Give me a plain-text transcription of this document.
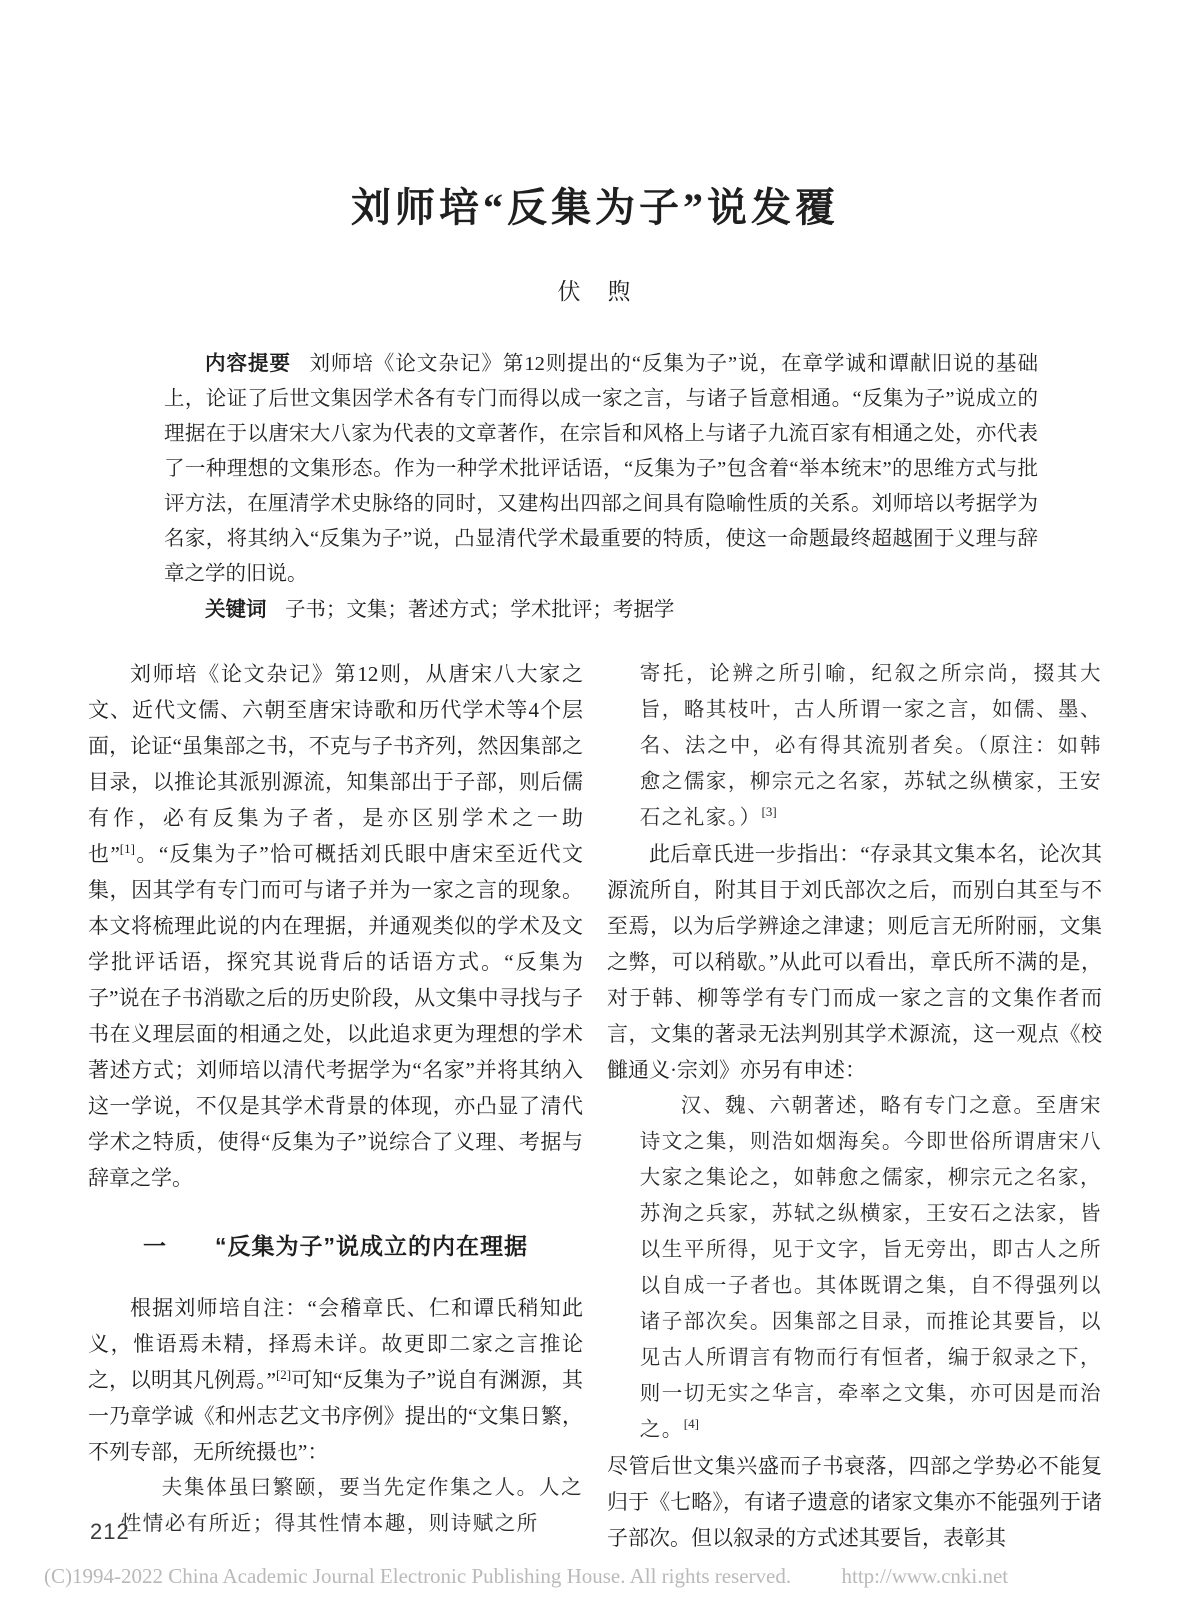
刘师培“反集为子”说发覆
伏　煦

内容提要 刘师培《论文杂记》第12则提出的“反集为子”说，在章学诚和谭献旧说的基础上，论证了后世文集因学术各有专门而得以成一家之言，与诸子旨意相通。“反集为子”说成立的理据在于以唐宋大八家为代表的文章著作，在宗旨和风格上与诸子九流百家有相通之处，亦代表了一种理想的文集形态。作为一种学术批评话语，“反集为子”包含着“举本统末”的思维方式与批评方法，在厘清学术史脉络的同时，又建构出四部之间具有隐喻性质的关系。刘师培以考据学为名家，将其纳入“反集为子”说，凸显清代学术最重要的特质，使这一命题最终超越囿于义理与辞章之学的旧说。

关键词 子书；文集；著述方式；学术批评；考据学

刘师培《论文杂记》第12则，从唐宋八大家之文、近代文儒、六朝至唐宋诗歌和历代学术等4个层面，论证“虽集部之书，不克与子书齐列，然因集部之目录，以推论其派别源流，知集部出于子部，则后儒有作，必有反集为子者，是亦区别学术之一助也”[1]。“反集为子”恰可概括刘氏眼中唐宋至近代文集，因其学有专门而可与诸子并为一家之言的现象。本文将梳理此说的内在理据，并通观类似的学术及文学批评话语，探究其说背后的话语方式。“反集为子”说在子书消歇之后的历史阶段，从文集中寻找与子书在义理层面的相通之处，以此追求更为理想的学术著述方式；刘师培以清代考据学为“名家”并将其纳入这一学说，不仅是其学术背景的体现，亦凸显了清代学术之特质，使得“反集为子”说综合了义理、考据与辞章之学。

一　　“反集为子”说成立的内在理据

根据刘师培自注：“会稽章氏、仁和谭氏稍知此义，惟语焉未精，择焉未详。故更即二家之言推论之，以明其凡例焉。”[2]可知“反集为子”说自有渊源，其一乃章学诚《和州志艺文书序例》提出的“文集日繁，不列专部，无所统摄也”：

夫集体虽曰繁颐，要当先定作集之人。人之性情必有所近；得其性情本趣，则诗赋之所

寄托，论辨之所引喻，纪叙之所宗尚，掇其大旨，略其枝叶，古人所谓一家之言，如儒、墨、名、法之中，必有得其流别者矣。（原注：如韩愈之儒家，柳宗元之名家，苏轼之纵横家，王安石之礼家。）[3]

此后章氏进一步指出：“存录其文集本名，论次其源流所自，附其目于刘氏部次之后，而别白其至与不至焉，以为后学辨途之津逮；则卮言无所附丽，文集之弊，可以稍歇。”从此可以看出，章氏所不满的是，对于韩、柳等学有专门而成一家之言的文集作者而言，文集的著录无法判别其学术源流，这一观点《校雠通义·宗刘》亦另有申述：

汉、魏、六朝著述，略有专门之意。至唐宋诗文之集，则浩如烟海矣。今即世俗所谓唐宋八大家之集论之，如韩愈之儒家，柳宗元之名家，苏洵之兵家，苏轼之纵横家，王安石之法家，皆以生平所得，见于文字，旨无旁出，即古人之所以自成一子者也。其体既谓之集，自不得强列以诸子部次矣。因集部之目录，而推论其要旨，以见古人所谓言有物而行有恒者，编于叙录之下，则一切无实之华言，牵率之文集，亦可因是而治之。[4]

尽管后世文集兴盛而子书衰落，四部之学势必不能复归于《七略》，有诸子遗意的诸家文集亦不能强列于诸子部次。但以叙录的方式述其要旨，表彰其

212
(C)1994-2022 China Academic Journal Electronic Publishing House. All rights reserved. http://www.cnki.net
